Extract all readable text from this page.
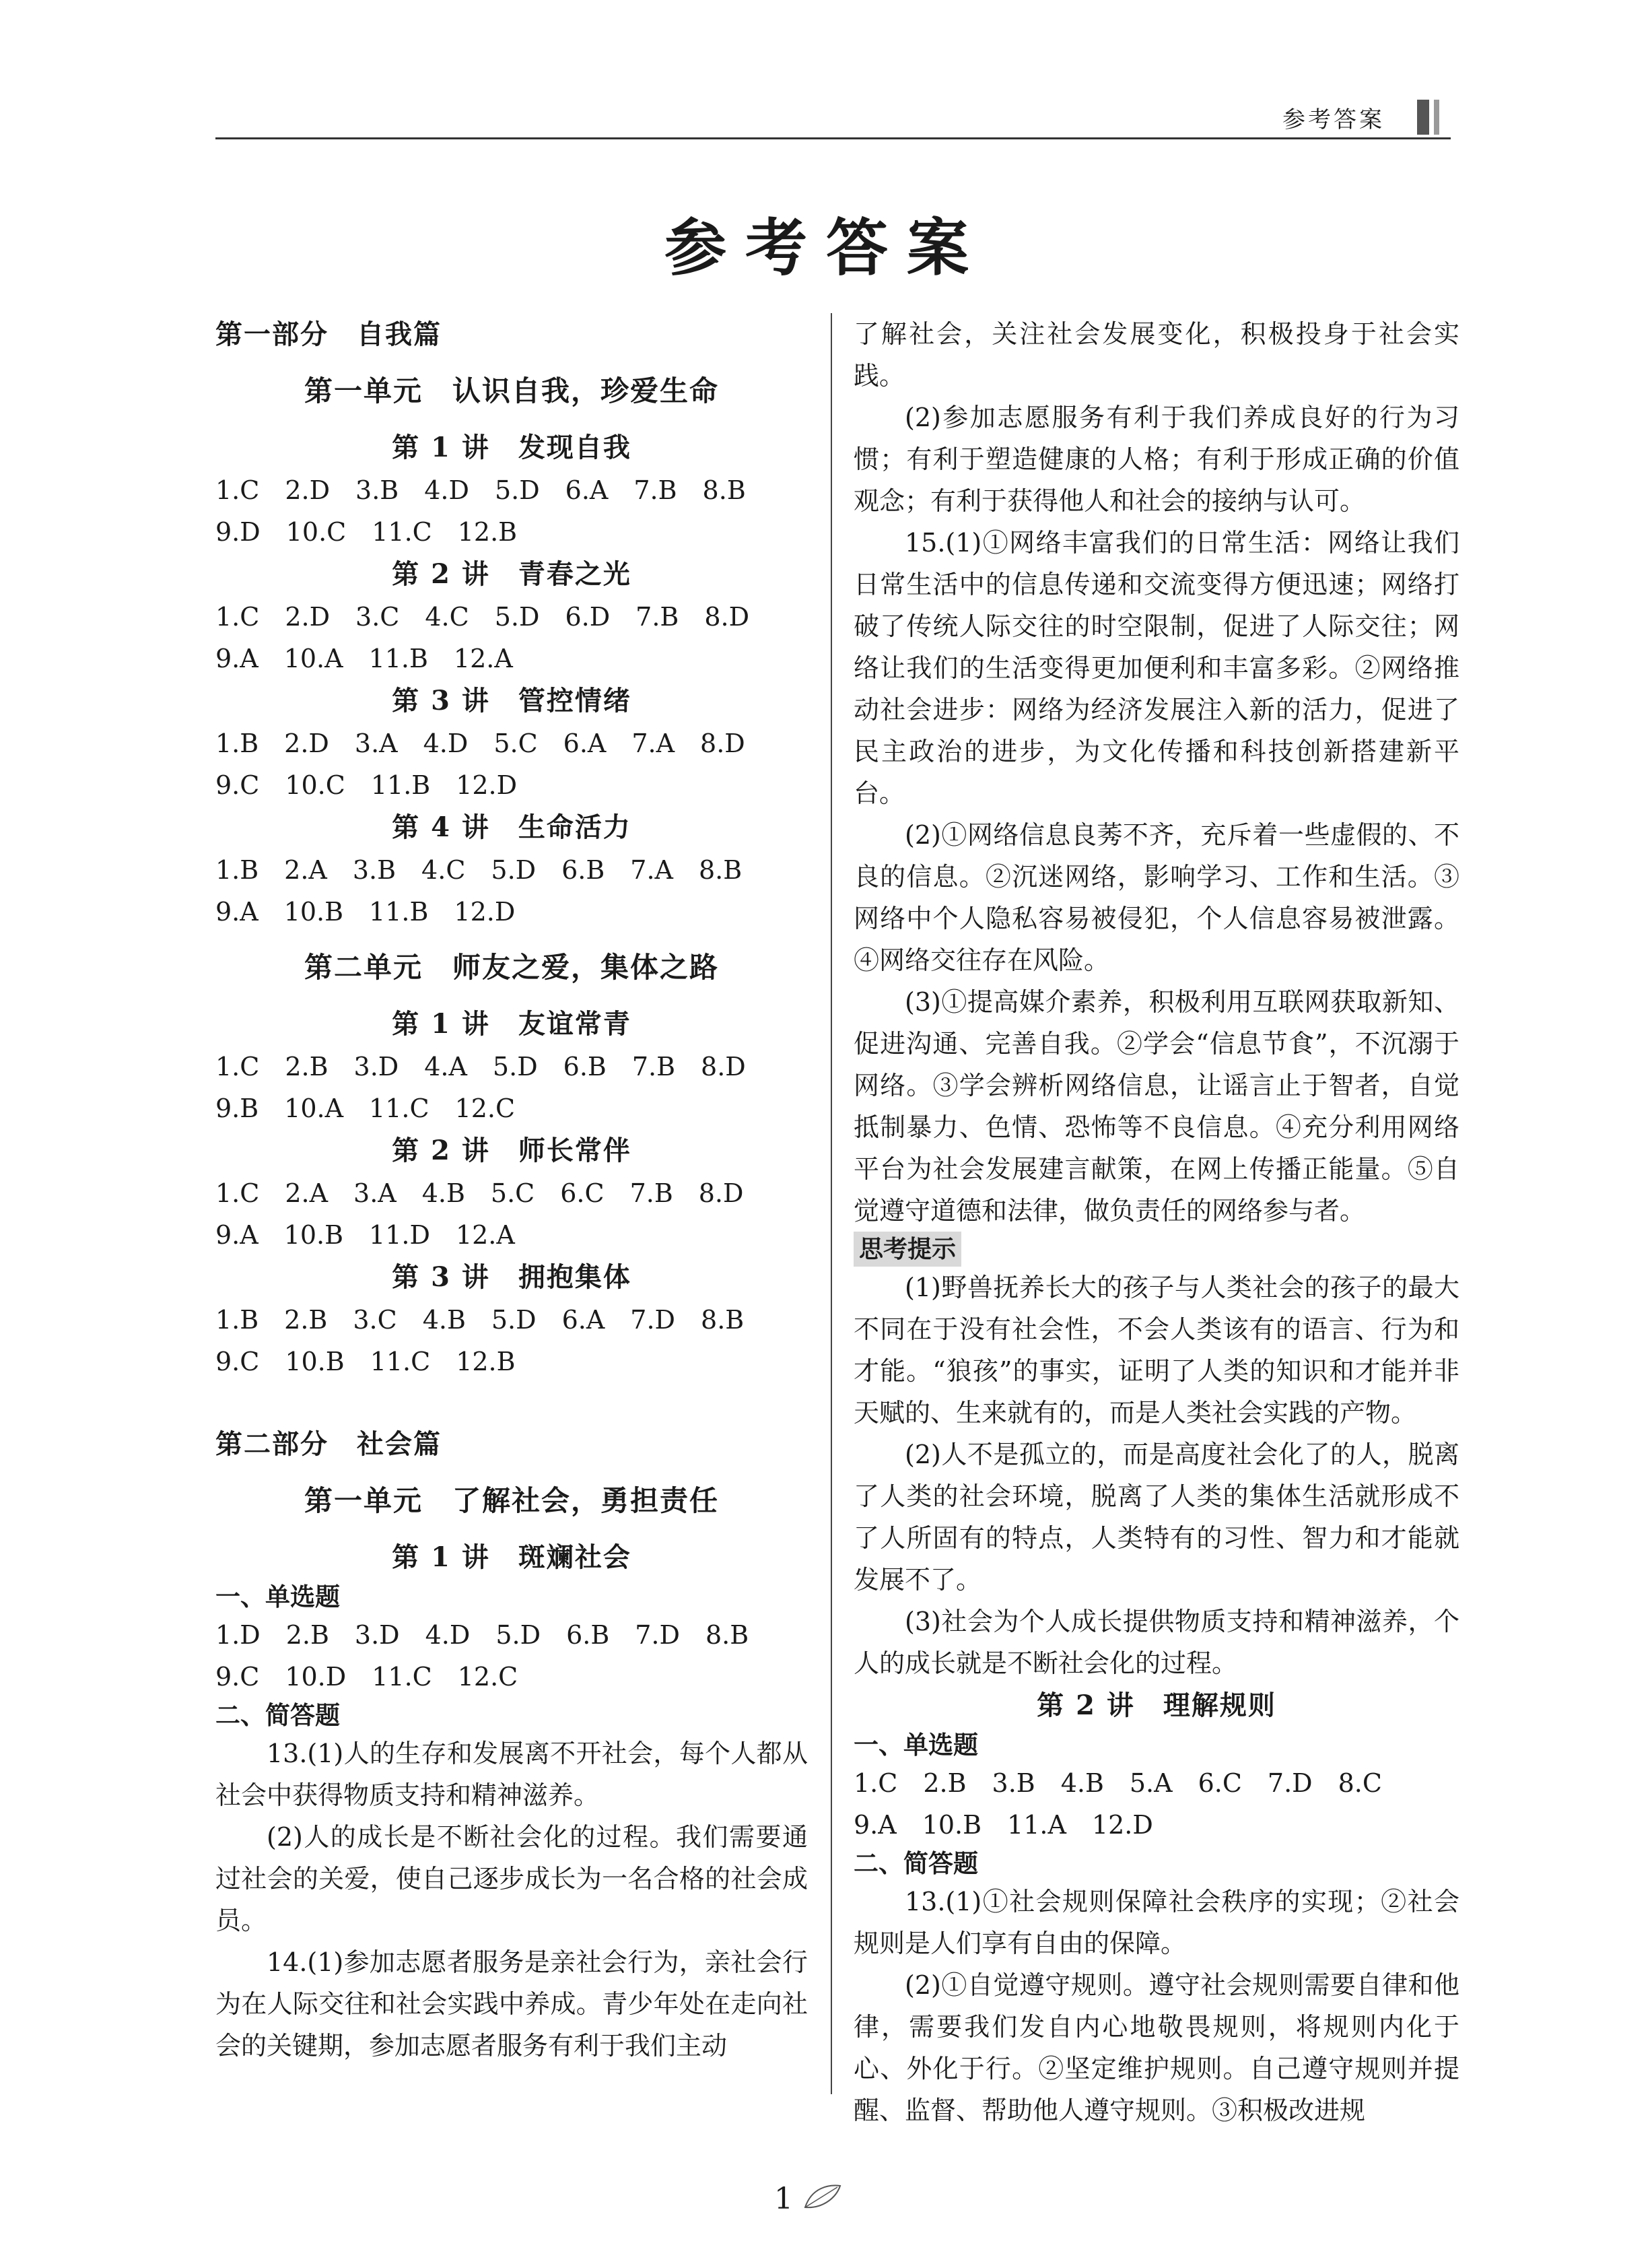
参考答案
参考答案
第一部分　自我篇
第一单元　认识自我，珍爱生命
第 1 讲　发现自我
1.C　2.D　3.B　4.D　5.D　6.A　7.B　8.B
9.D　10.C　11.C　12.B
第 2 讲　青春之光
1.C　2.D　3.C　4.C　5.D　6.D　7.B　8.D
9.A　10.A　11.B　12.A
第 3 讲　管控情绪
1.B　2.D　3.A　4.D　5.C　6.A　7.A　8.D
9.C　10.C　11.B　12.D
第 4 讲　生命活力
1.B　2.A　3.B　4.C　5.D　6.B　7.A　8.B
9.A　10.B　11.B　12.D
第二单元　师友之爱，集体之路
第 1 讲　友谊常青
1.C　2.B　3.D　4.A　5.D　6.B　7.B　8.D
9.B　10.A　11.C　12.C
第 2 讲　师长常伴
1.C　2.A　3.A　4.B　5.C　6.C　7.B　8.D
9.A　10.B　11.D　12.A
第 3 讲　拥抱集体
1.B　2.B　3.C　4.B　5.D　6.A　7.D　8.B
9.C　10.B　11.C　12.B
第二部分　社会篇
第一单元　了解社会，勇担责任
第 1 讲　斑斓社会
一、单选题
1.D　2.B　3.D　4.D　5.D　6.B　7.D　8.B
9.C　10.D　11.C　12.C
二、简答题

13.(1)人的生存和发展离不开社会，每个人都从社会中获得物质支持和精神滋养。

(2)人的成长是不断社会化的过程。我们需要通过社会的关爱，使自己逐步成长为一名合格的社会成员。

14.(1)参加志愿者服务是亲社会行为，亲社会行为在人际交往和社会实践中养成。青少年处在走向社会的关键期，参加志愿者服务有利于我们主动

了解社会，关注社会发展变化，积极投身于社会实践。

(2)参加志愿服务有利于我们养成良好的行为习惯；有利于塑造健康的人格；有利于形成正确的价值观念；有利于获得他人和社会的接纳与认可。

15.(1)①网络丰富我们的日常生活：网络让我们日常生活中的信息传递和交流变得方便迅速；网络打破了传统人际交往的时空限制，促进了人际交往；网络让我们的生活变得更加便利和丰富多彩。②网络推动社会进步：网络为经济发展注入新的活力，促进了民主政治的进步，为文化传播和科技创新搭建新平台。

(2)①网络信息良莠不齐，充斥着一些虚假的、不良的信息。②沉迷网络，影响学习、工作和生活。③网络中个人隐私容易被侵犯，个人信息容易被泄露。④网络交往存在风险。

(3)①提高媒介素养，积极利用互联网获取新知、促进沟通、完善自我。②学会“信息节食”，不沉溺于网络。③学会辨析网络信息，让谣言止于智者，自觉抵制暴力、色情、恐怖等不良信息。④充分利用网络平台为社会发展建言献策，在网上传播正能量。⑤自觉遵守道德和法律，做负责任的网络参与者。

思考提示

(1)野兽抚养长大的孩子与人类社会的孩子的最大不同在于没有社会性，不会人类该有的语言、行为和才能。“狼孩”的事实，证明了人类的知识和才能并非天赋的、生来就有的，而是人类社会实践的产物。

(2)人不是孤立的，而是高度社会化了的人，脱离了人类的社会环境，脱离了人类的集体生活就形成不了人所固有的特点，人类特有的习性、智力和才能就发展不了。

(3)社会为个人成长提供物质支持和精神滋养，个人的成长就是不断社会化的过程。

第 2 讲　理解规则
一、单选题
1.C　2.B　3.B　4.B　5.A　6.C　7.D　8.C
9.A　10.B　11.A　12.D
二、简答题

13.(1)①社会规则保障社会秩序的实现；②社会规则是人们享有自由的保障。

(2)①自觉遵守规则。遵守社会规则需要自律和他律，需要我们发自内心地敬畏规则，将规则内化于心、外化于行。②坚定维护规则。自己遵守规则并提醒、监督、帮助他人遵守规则。③积极改进规

1
